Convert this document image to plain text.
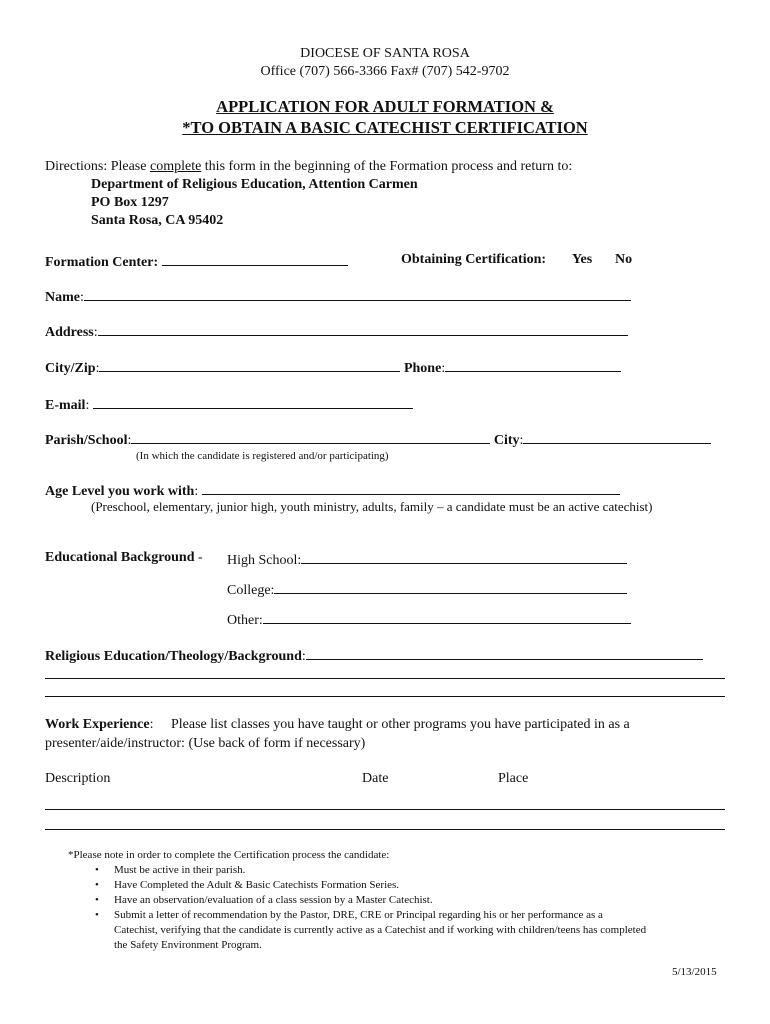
DIOCESE OF SANTA ROSA
Office (707) 566-3366 Fax# (707) 542-9702
APPLICATION FOR ADULT FORMATION &
*TO OBTAIN A BASIC CATECHIST CERTIFICATION
Directions: Please complete this form in the beginning of the Formation process and return to:
Department of Religious Education, Attention Carmen
PO Box 1297
Santa Rosa, CA 95402
Formation Center:	Obtaining Certification: Yes No
Name:
Address:
City/Zip:	Phone:
E-mail:
Parish/School:	City:
(In which the candidate is registered and/or participating)
Age Level you work with:
(Preschool, elementary, junior high, youth ministry, adults, family – a candidate must be an active catechist)
Educational Background - High School:
College:
Other:
Religious Education/Theology/Background:
Work Experience:     Please list classes you have taught or other programs you have participated in as a
presenter/aide/instructor: (Use back of form if necessary)
Description	Date	Place
*Please note in order to complete the Certification process the candidate:
• Must be active in their parish.
• Have Completed the Adult & Basic Catechists Formation Series.
• Have an observation/evaluation of a class session by a Master Catechist.
• Submit a letter of recommendation by the Pastor, DRE, CRE or Principal regarding his or her performance as a
Catechist, verifying that the candidate is currently active as a Catechist and if working with children/teens has completed
the Safety Environment Program.
5/13/2015
